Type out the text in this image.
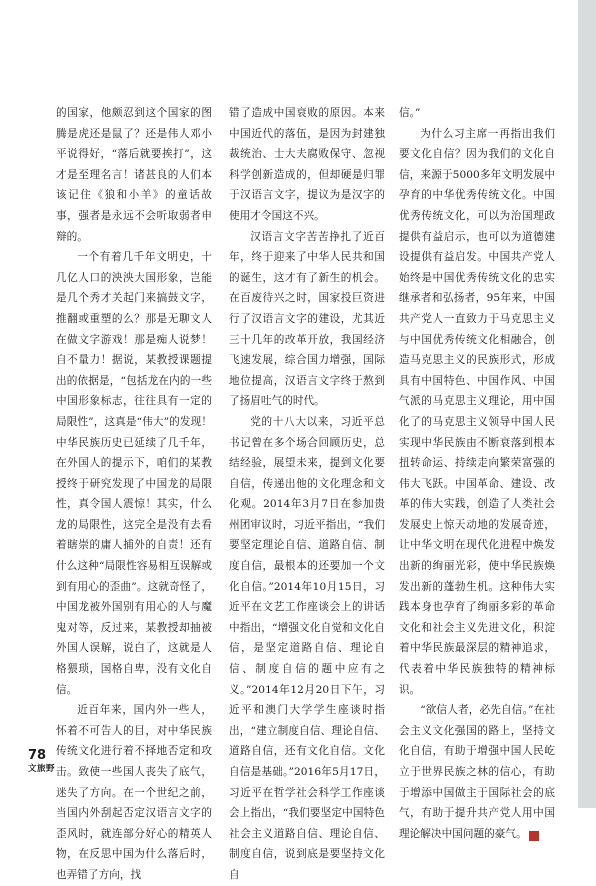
的国家，他颇忍到这个国家的图腾是虎还是鼠了？还是伟人邓小平说得好，“落后就要挨打”，这才是至理名言！诸甚良的人们本该记住《狼和小羊》的童话故事，强者是永远不会听取弱者申辩的。

一个有着几千年文明史，十几亿人口的泱泱大国形象，岂能是几个秀才关起门来搞鼓文字，推翻或重塑的么？那是无聊文人在做文字游戏！那是痴人说梦！自不量力！据说，某教授课题提出的依据是，“包括龙在内的一些中国形象标志，往往具有一定的局限性”，这真是“伟大”的发现！中华民族历史已延续了几千年，在外国人的提示下，咱们的某教授终于研究发现了中国龙的局限性，真令国人震惊！其实，什么龙的局限性，这完全是没有去看着瞎崇的庸人捕外的自责！还有什么这种“局限性容易相互误解或到有用心的歪曲”。这就奇怪了，中国龙被外国别有用心的人与魔鬼对等，反过来，某教授却抽被外国人误解，说白了，这就是人格猥琐，国格自卑，没有文化自信。

近百年来，国内外一些人，怀着不可告人的目，对中华民族传统文化进行着不择地否定和攻击。致使一些国人丧失了底气，迷失了方向。在一个世纪之前，当国内外刮起否定汉语言文字的歪风时，就连部分好心的精英人物，在反思中国为什么落后时，也弄错了方向，找

错了造成中国衰败的原因。本来中国近代的落伍，是因为封建独裁统治、士大夫腐败保守、忽视科学创新造成的，但却硬是归罪于汉语言文字，提议为是汉字的使用才令国这不兴。

汉语言文字苦苦挣扎了近百年，终于迎来了中华人民共和国的诞生，这才有了新生的机会。在百废待兴之时，国家投巨资进行了汉语言文字的建设，尤其近三十几年的改革开放，我国经济飞速发展，综合国力增强，国际地位提高，汉语言文字终于熬到了扬眉吐气的时代。

党的十八大以来，习近平总书记曾在多个场合回顾历史，总结经验，展望未来，提到文化要自信，传递出他的文化理念和文化观。2014年3月7日在参加贵州团审议时，习近平指出，“我们要坚定理论自信、道路自信、制度自信，最根本的还要加一个文化自信。”2014年10月15日，习近平在文艺工作座谈会上的讲话中指出，“增强文化自觉和文化自信，是坚定道路自信、理论自信、制度自信的题中应有之义。”2014年12月20日下午，习近平和澳门大学学生座谈时指出，“建立制度自信、理论自信、道路自信，还有文化自信。文化自信是基础。”2016年5月17日，习近平在哲学社会科学工作座谈会上指出，“我们要坚定中国特色社会主义道路自信、理论自信、制度自信，说到底是要坚持文化自

信。”

为什么习主席一再指出我们要文化自信？因为我们的文化自信，来源于5000多年文明发展中孕育的中华优秀传统文化。中国优秀传统文化，可以为治国理政提供有益启示，也可以为道德建设提供有益启发。中国共产党人始终是中国优秀传统文化的忠实继承者和弘扬者，95年来，中国共产党人一直致力于马克思主义与中国优秀传统文化相融合，创造马克思主义的民族形式，形成具有中国特色、中国作风、中国气派的马克思主义理论，用中国化了的马克思主义领导中国人民实现中华民族由不断衰落到根本扭转命运、持续走向繁荣富强的伟大飞跃。中国革命、建设、改革的伟大实践，创造了人类社会发展史上惊天动地的发展奇迹，让中华文明在现代化进程中焕发出新的绚丽光彩，使中华民族焕发出新的蓬勃生机。这种伟大实践本身也孕育了绚丽多彩的革命文化和社会主义先进文化，积淀着中华民族最深层的精神追求，代表着中华民族独特的精神标识。

“欲信人者，必先自信。”在社会主义文化强国的路上，坚持文化自信，有助于增强中国人民屹立于世界民族之林的信心，有助于增添中国做主于国际社会的底气，有助于提升共产党人用中国理论解决中国问题的豪气。	V

78
文旅野
